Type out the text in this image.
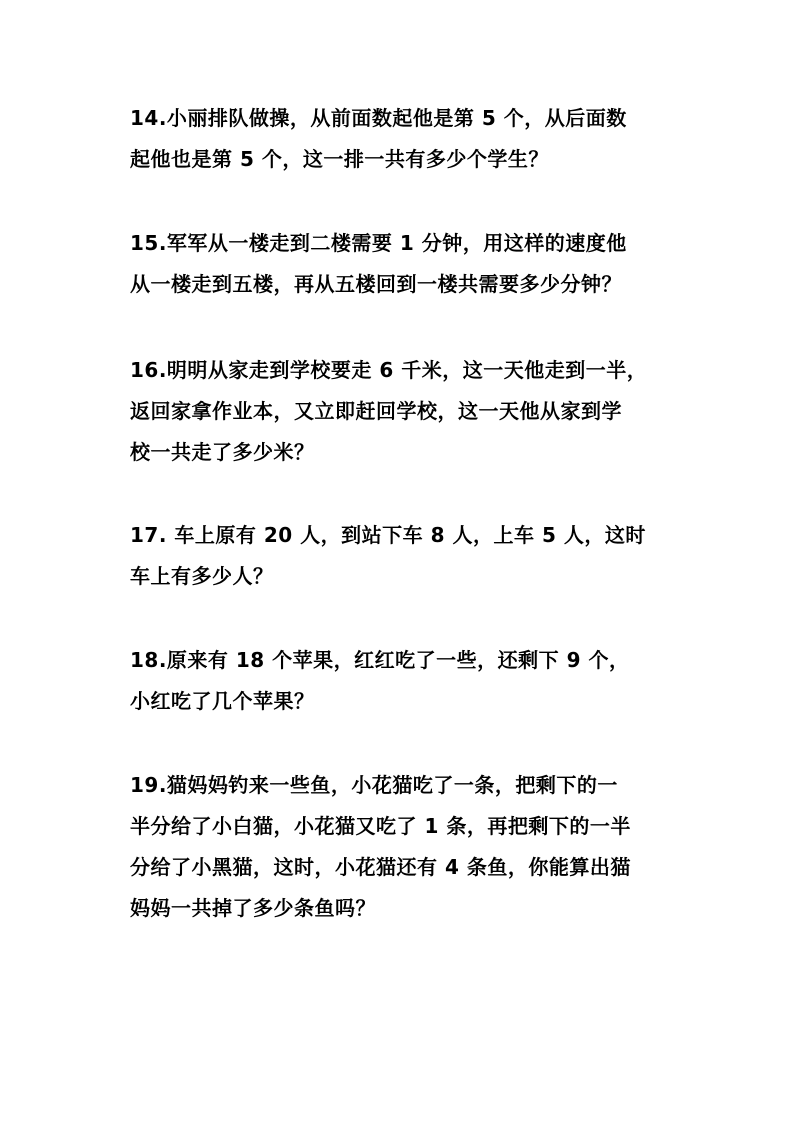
14.小丽排队做操，从前面数起他是第 5 个，从后面数
起他也是第 5 个，这一排一共有多少个学生？
15.军军从一楼走到二楼需要 1 分钟，用这样的速度他
从一楼走到五楼，再从五楼回到一楼共需要多少分钟？
16.明明从家走到学校要走 6 千米，这一天他走到一半，
返回家拿作业本，又立即赶回学校，这一天他从家到学
校一共走了多少米？
17. 车上原有 20 人，到站下车 8 人，上车 5 人，这时
车上有多少人？
18.原来有 18 个苹果，红红吃了一些，还剩下 9 个，
小红吃了几个苹果？
19.猫妈妈钓来一些鱼，小花猫吃了一条，把剩下的一
半分给了小白猫，小花猫又吃了 1 条，再把剩下的一半
分给了小黑猫，这时，小花猫还有 4 条鱼，你能算出猫
妈妈一共掉了多少条鱼吗？
